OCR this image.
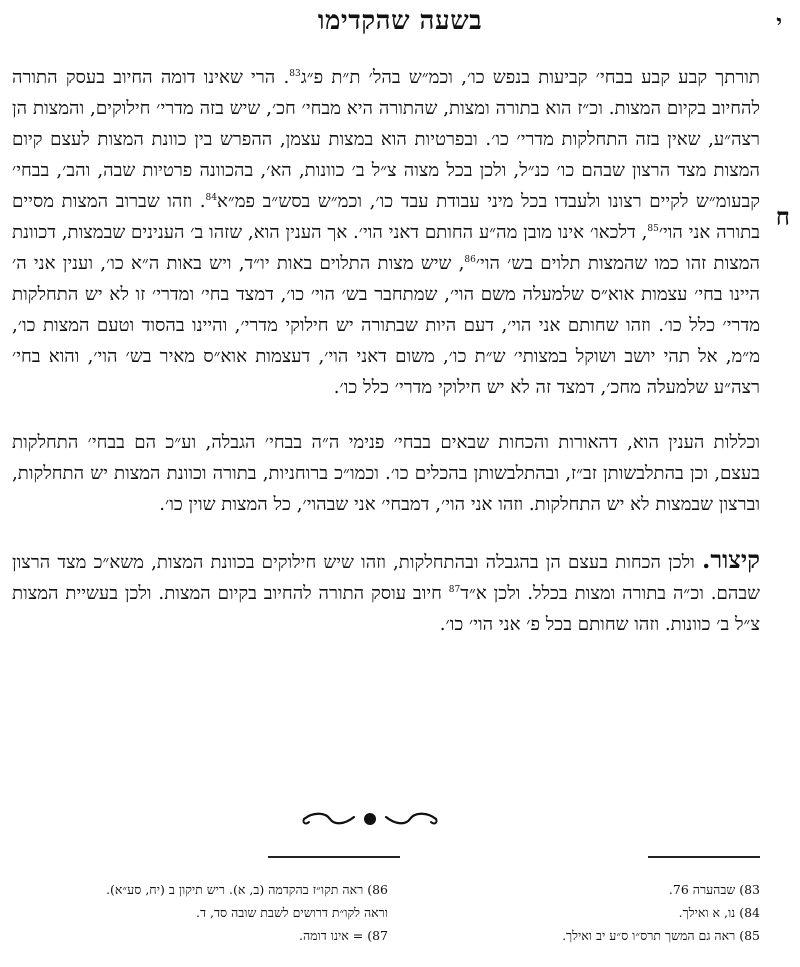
י
בשעה שהקדימו
ח

תורתך קבע קבע בבחי׳ קביעות בנפש כו׳, וכמ״ש בהל׳ ת״ת פ״ג$^{83}$. הרי שאינו דומה החיוב בעסק התורה להחיוב בקיום המצות. וכ״ז הוא בתורה ומצות, שהתורה היא מבחי׳ חכ׳, שיש בזה מדרי׳ חילוקים, והמצות הן רצה״ע, שאין בזה התחלקות מדרי׳ כו׳. ובפרטיות הוא במצות עצמן, ההפרש בין כוונת המצות לעצם קיום המצות מצד הרצון שבהם כו׳ כנ״ל, ולכן בכל מצוה צ״ל ב׳ כוונות, הא׳, בהכוונה פרטיות שבה, והב׳, בבחי׳ קבעומ״ש לקיים רצונו ולעבדו בכל מיני עבודת עבד כו׳, וכמ״ש בסש״ב פמ״א$^{84}$. וזהו שברוב המצות מסיים בתורה אני הוי׳$^{85}$, דלכאו׳ אינו מובן מה״ע החותם דאני הוי׳. אך הענין הוא, שזהו ב׳ הענינים שבמצות, דכוונת המצות זהו כמו שהמצות תלוים בש׳ הוי׳$^{86}$, שיש מצות התלוים באות יו״ד, ויש באות ה״א כו׳, וענין אני ה׳ היינו בחי׳ עצמות אוא״ס שלמעלה משם הוי׳, שמתחבר בש׳ הוי׳ כו׳, דמצד בחי׳ ומדרי׳ זו לא יש התחלקות מדרי׳ כלל כו׳. וזהו שחותם אני הוי׳, דעם היות שבתורה יש חילוקי מדרי׳, והיינו בהסוד וטעם המצות כו׳, מ״מ, אל תהי יושב ושוקל במצותי׳ ש״ת כו׳, משום דאני הוי׳, דעצמות אוא״ס מאיר בש׳ הוי׳, והוא בחי׳ רצה״ע שלמעלה מחכ׳, דמצד זה לא יש חילוקי מדרי׳ כלל כו׳.

וכללות הענין הוא, דהאורות והכחות שבאים בבחי׳ פנימי ה״ה בבחי׳ הגבלה, וע״כ הם בבחי׳ התחלקות בעצם, וכן בהתלבשותן זב״ז, ובהתלבשותן בהכלים כו׳. וכמו״כ ברוחניות, בתורה וכוונת המצות יש התחלקות, וברצון שבמצות לא יש התחלקות. וזהו אני הוי׳, דמבחי׳ אני שבהוי׳, כל המצות שוין כו׳.

קיצור. ולכן הכחות בעצם הן בהגבלה ובהתחלקות, וזהו שיש חילוקים בכוונת המצות, משא״כ מצד הרצון שבהם. וכ״ה בתורה ומצות בכלל. ולכן א״ד$^{87}$ חיוב עוסק התורה להחיוב בקיום המצות. ולכן בעשיית המצות צ״ל ב׳ כוונות. וזהו שחותם בכל פ׳ אני הוי׳ כו׳.

83) שבהערה 76.
84) נו, א ואילך.
85) ראה גם המשך תרס״ו ס״ע יב ואילך.
86) ראה תקו״ז בהקדמה (ב, א). ריש תיקון ב (יח, סע״א).
וראה לקו״ת דרושים לשבת שובה סד, ד.
87) = אינו דומה.
